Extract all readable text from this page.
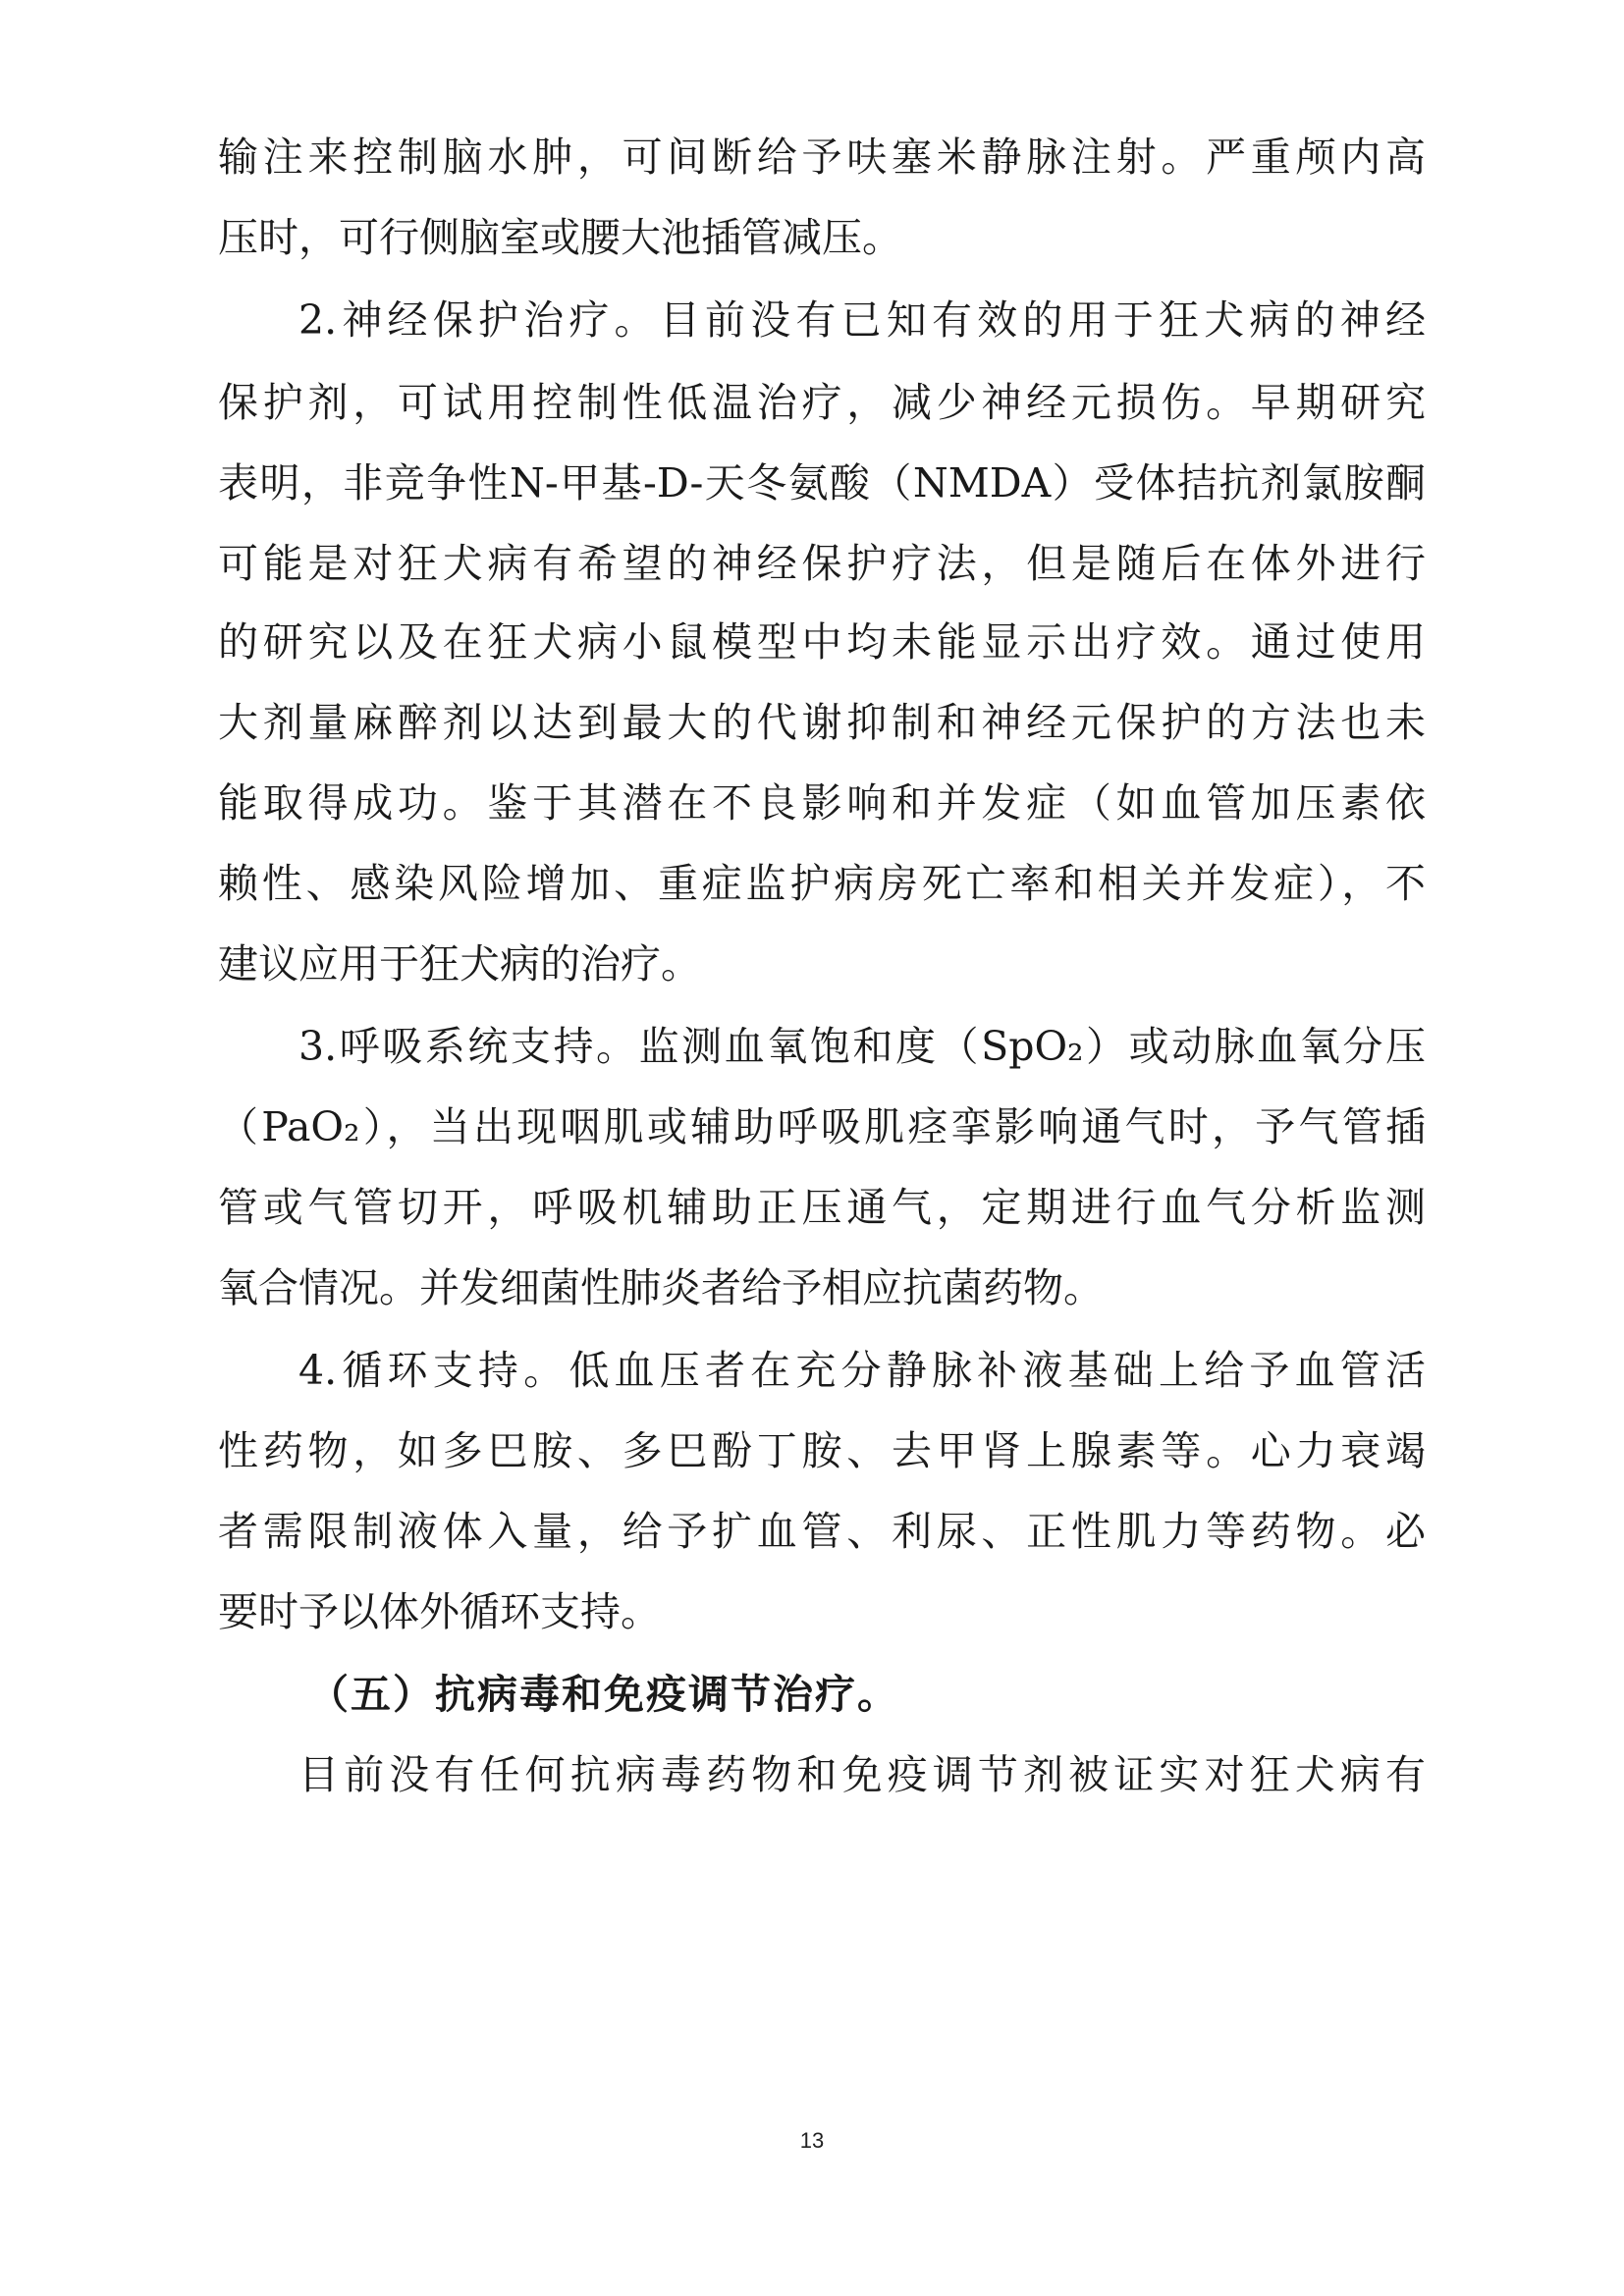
输注来控制脑水肿，可间断给予呋塞米静脉注射。严重颅内高
压时，可行侧脑室或腰大池插管减压。
2.神经保护治疗。目前没有已知有效的用于狂犬病的神经
保护剂，可试用控制性低温治疗，减少神经元损伤。早期研究
表明，非竞争性N-甲基-D-天冬氨酸（NMDA）受体拮抗剂氯胺酮
可能是对狂犬病有希望的神经保护疗法，但是随后在体外进行
的研究以及在狂犬病小鼠模型中均未能显示出疗效。通过使用
大剂量麻醉剂以达到最大的代谢抑制和神经元保护的方法也未
能取得成功。鉴于其潜在不良影响和并发症（如血管加压素依
赖性、感染风险增加、重症监护病房死亡率和相关并发症），不
建议应用于狂犬病的治疗。
3.呼吸系统支持。监测血氧饱和度（SpO₂）或动脉血氧分压
（PaO₂），当出现咽肌或辅助呼吸肌痉挛影响通气时，予气管插
管或气管切开，呼吸机辅助正压通气，定期进行血气分析监测
氧合情况。并发细菌性肺炎者给予相应抗菌药物。
4.循环支持。低血压者在充分静脉补液基础上给予血管活
性药物，如多巴胺、多巴酚丁胺、去甲肾上腺素等。心力衰竭
者需限制液体入量，给予扩血管、利尿、正性肌力等药物。必
要时予以体外循环支持。
（五）抗病毒和免疫调节治疗。
目前没有任何抗病毒药物和免疫调节剂被证实对狂犬病有
13
